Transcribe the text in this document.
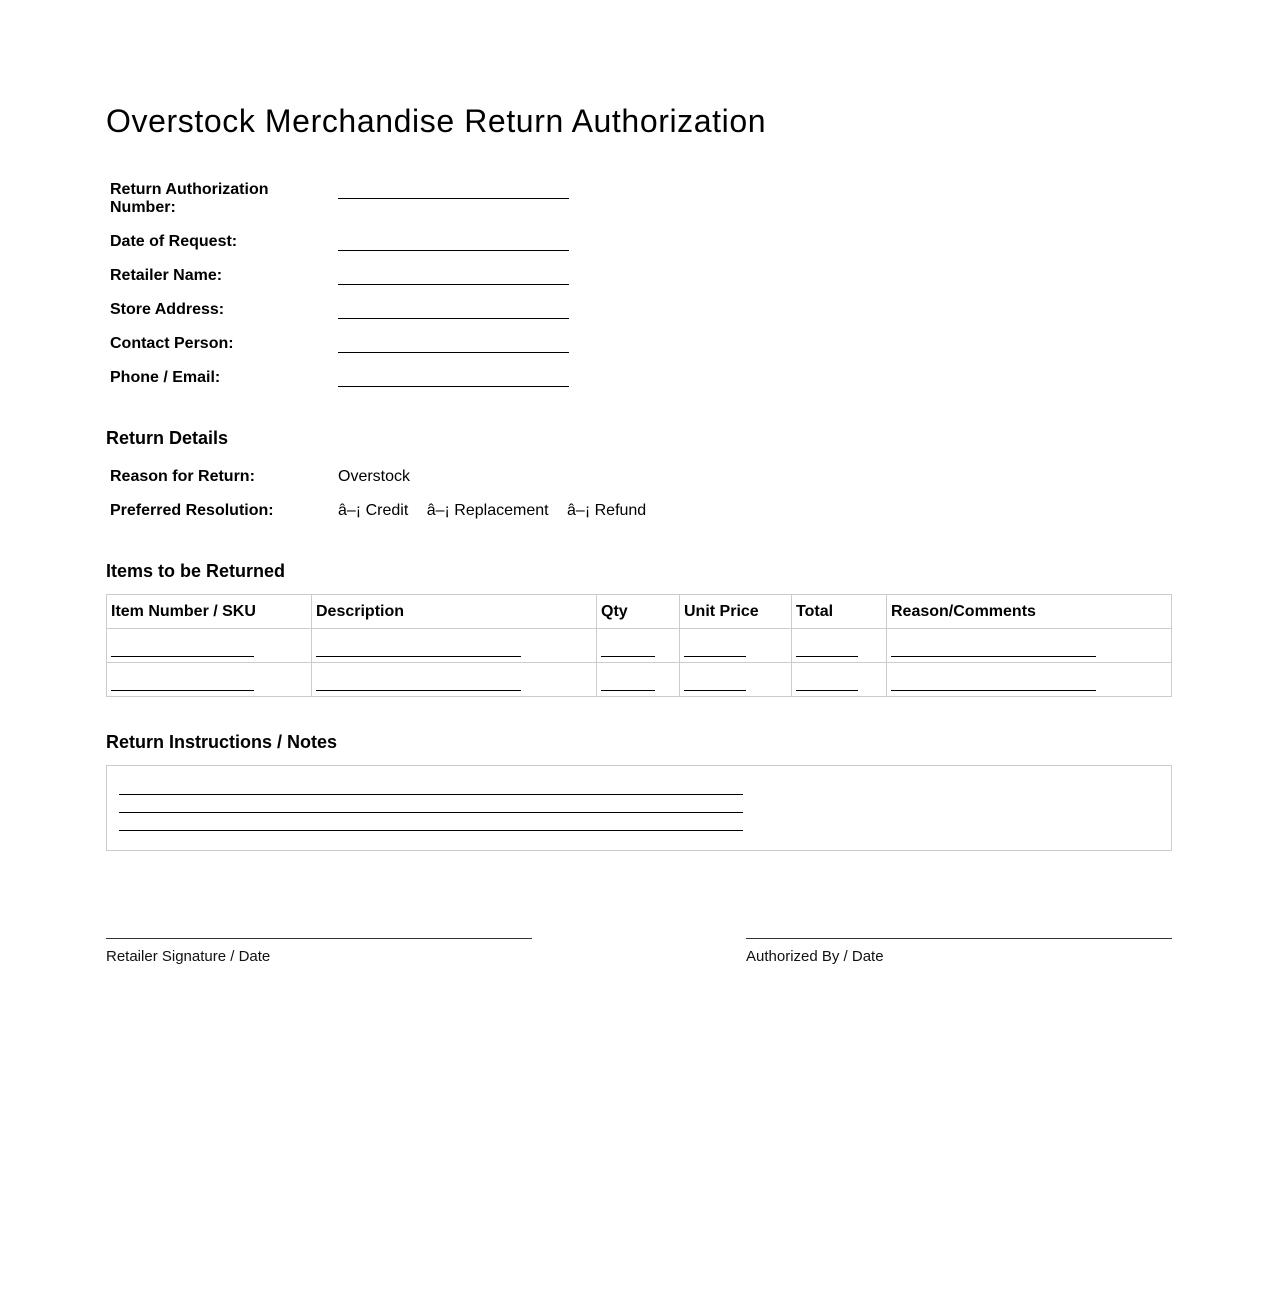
Overstock Merchandise Return Authorization
Return Authorization Number:
Date of Request:
Retailer Name:
Store Address:
Contact Person:
Phone / Email:
Return Details
Reason for Return:	Overstock
Preferred Resolution:	â–¡ Credit â–¡ Replacement â–¡ Refund
Items to be Returned
Item Number / SKU	Description	Qty	Unit Price	Total	Reason/Comments

Return Instructions / Notes
Retailer Signature / Date	Authorized By / Date
